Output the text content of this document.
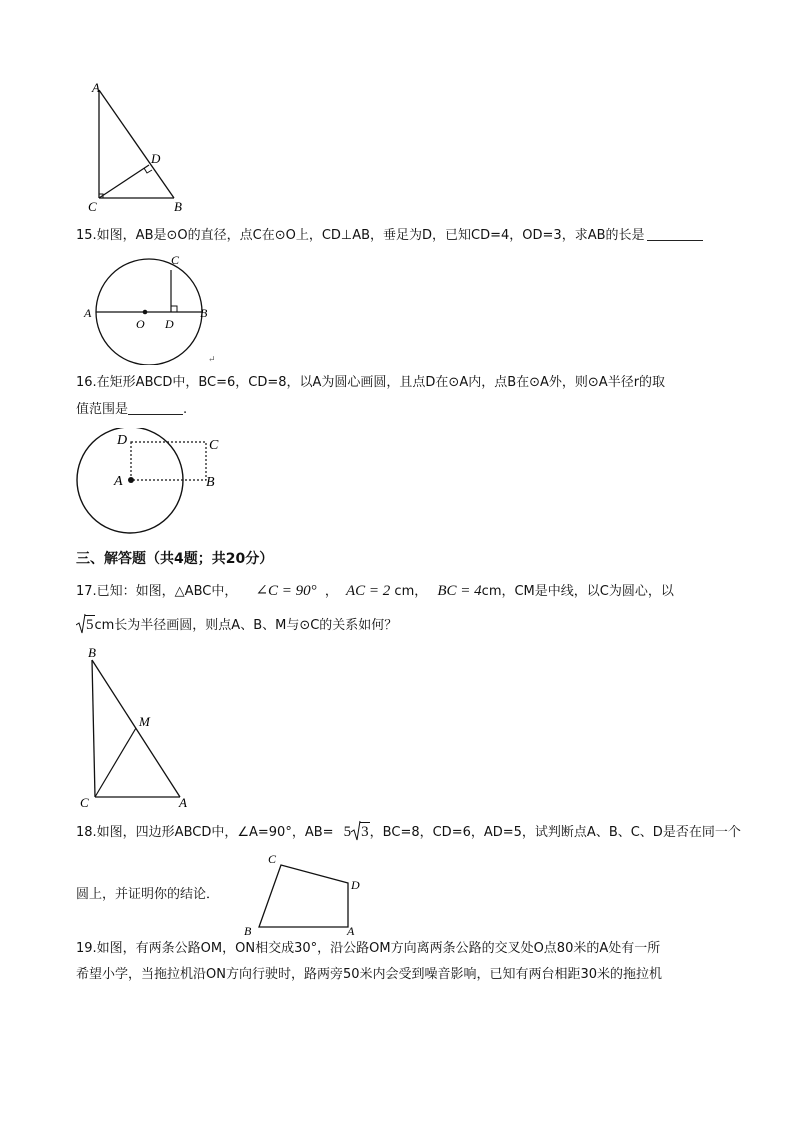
A
D
C	B
15.如图，AB是⊙O的直径，点C在⊙O上，CD⊥AB，垂足为D，已知CD=4，OD=3，求AB的长是
C
A	B
O D
↵
16.在矩形ABCD中，BC=6，CD=8，以A为圆心画圆，且点D在⊙A内，点B在⊙A外，则⊙A半径r的取
值范围是	.
D	C
A	B
三、解答题（共4题；共20分）
17.已知：如图，△ABC中， ∠C = 90° ， AC = 2 cm， BC = 4cm，CM是中线，以C为圆心，以
5cm长为半径画圆，则点A、B、M与⊙C的关系如何？
B
M
C	A
18.如图，四边形ABCD中，∠A=90°，AB= 5 3，BC=8，CD=6，AD=5，试判断点A、B、C、D是否在同一个
C
D
B	A
圆上，并证明你的结论．
19.如图，有两条公路OM，ON相交成30°，沿公路OM方向离两条公路的交叉处O点80米的A处有一所
希望小学，当拖拉机沿ON方向行驶时，路两旁50米内会受到噪音影响，已知有两台相距30米的拖拉机
